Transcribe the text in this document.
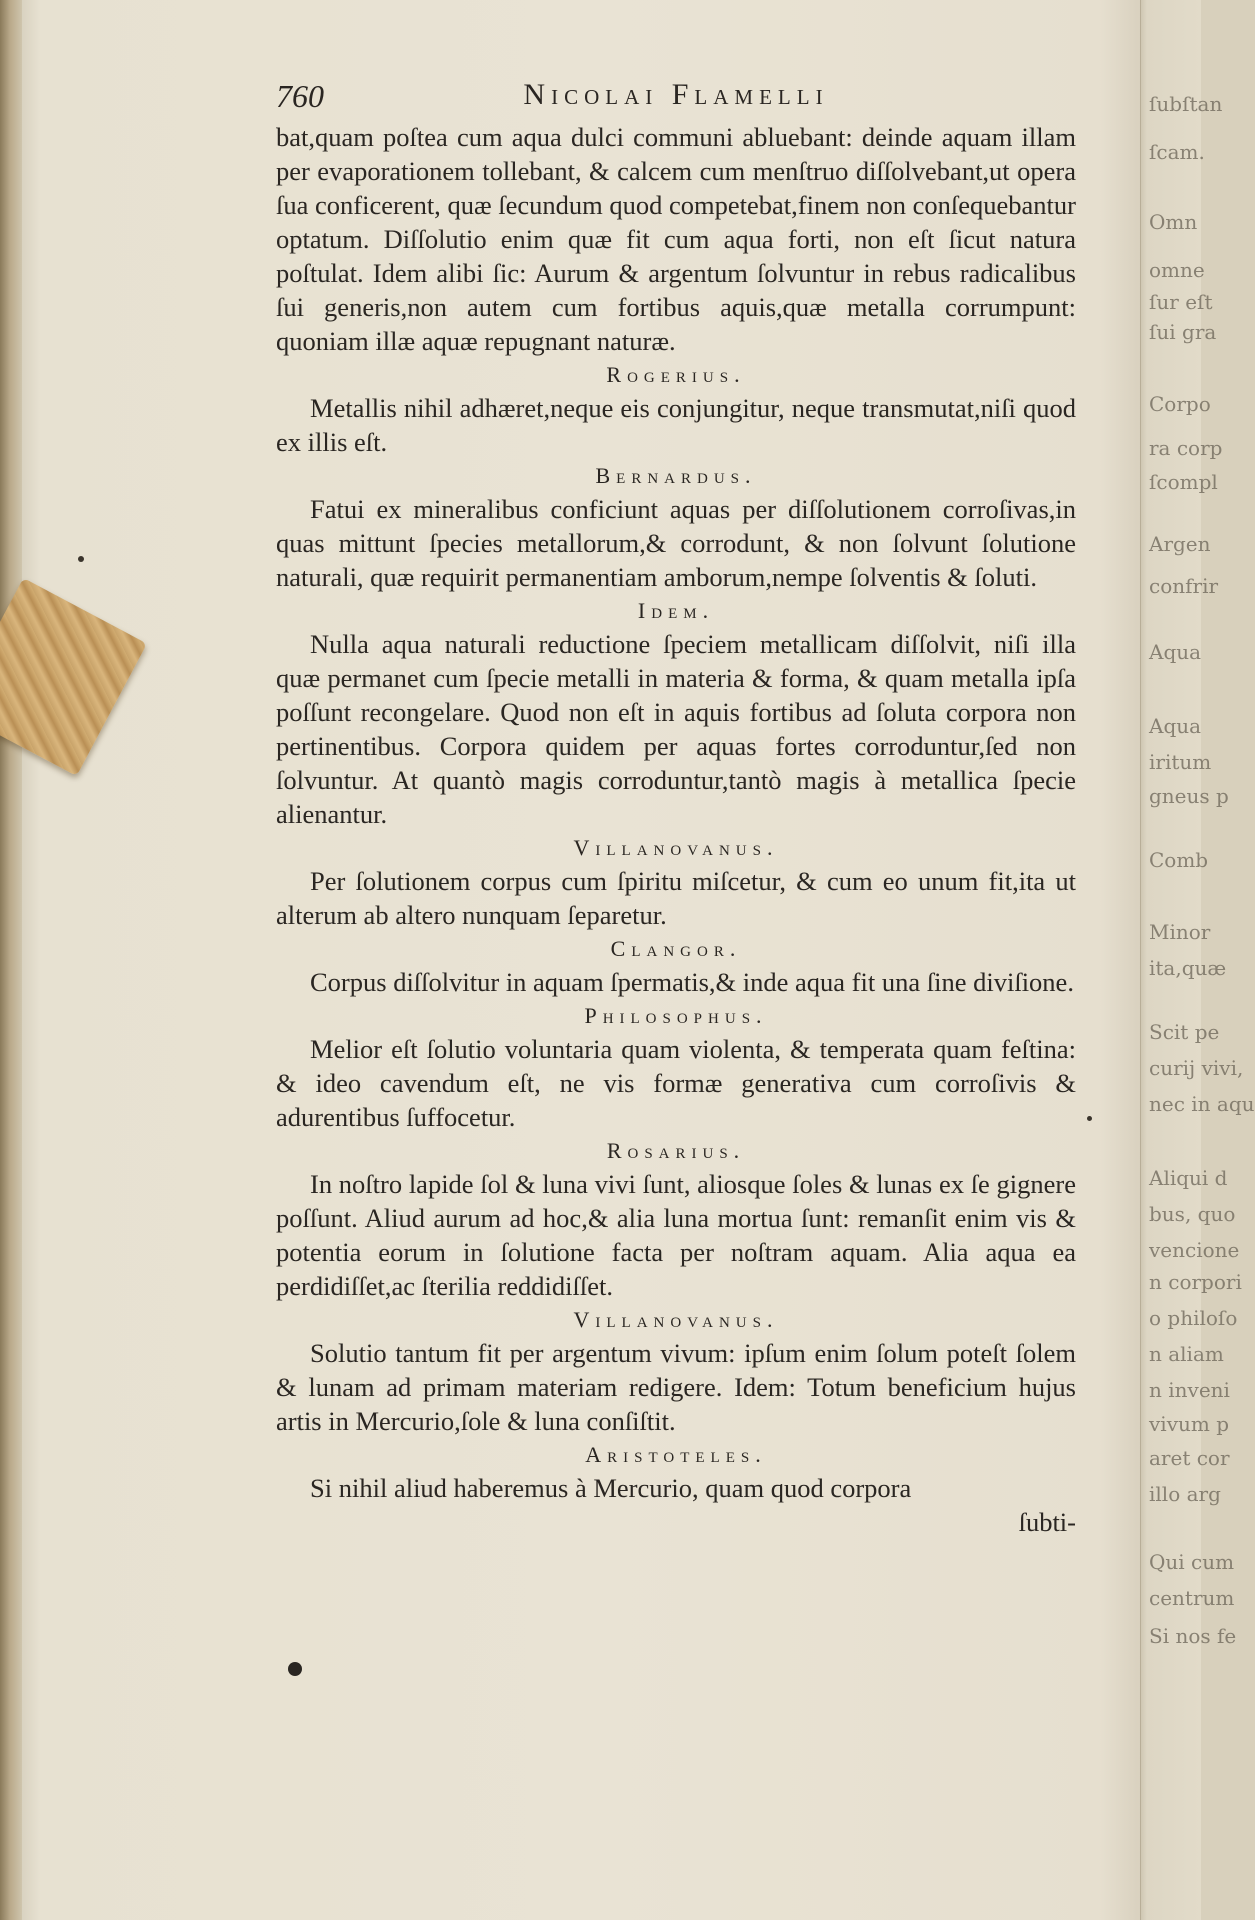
ſubſtan
ſcam.
Omn
omne
ſur eſt
ſui gra
Corpo
ra corp
ſcompl
Argen
confrir
Aqua
Aqua
iritum
gneus p
Comb
Minor
ita,quæ
Scit pe
curij vivi,
nec in aqu
Aliqui d
bus, quo
vencione
n corpori
o philoſo
n aliam
n inveni
vivum p
aret cor
illo arg
Qui cum
centrum
Si nos fe
760	Nicolai Flamelli

bat,quam poſtea cum aqua dulci communi abluebant: deinde aquam illam per evaporationem tollebant, & calcem cum menſtruo diſſolvebant,ut opera ſua conficerent, quæ ſecundum quod competebat,finem non conſequebantur optatum. Diſſolutio enim quæ fit cum aqua forti, non eſt ſicut natura poſtulat. Idem alibi ſic: Aurum & argentum ſolvuntur in rebus radicalibus ſui generis,non autem cum fortibus aquis,quæ metalla corrumpunt: quoniam illæ aquæ repugnant naturæ.

Rogerius.

Metallis nihil adhæret,neque eis conjungitur, neque transmutat,niſi quod ex illis eſt.

Bernardus.

Fatui ex mineralibus conficiunt aquas per diſſolutionem corroſivas,in quas mittunt ſpecies metallorum,& corrodunt, & non ſolvunt ſolutione naturali, quæ requirit permanentiam amborum,nempe ſolventis & ſoluti.

Idem.

Nulla aqua naturali reductione ſpeciem metallicam diſſolvit, niſi illa quæ permanet cum ſpecie metalli in materia & forma, & quam metalla ipſa poſſunt recongelare. Quod non eſt in aquis fortibus ad ſoluta corpora non pertinentibus. Corpora quidem per aquas fortes corroduntur,ſed non ſolvuntur. At quantò magis corroduntur,tantò magis à metallica ſpecie alienantur.

Villanovanus.

Per ſolutionem corpus cum ſpiritu miſcetur, & cum eo unum fit,ita ut alterum ab altero nunquam ſeparetur.

Clangor.

Corpus diſſolvitur in aquam ſpermatis,& inde aqua fit una ſine diviſione.

Philosophus.

Melior eſt ſolutio voluntaria quam violenta, & temperata quam feſtina: & ideo cavendum eſt, ne vis formæ generativa cum corroſivis & adurentibus ſuffocetur.

Rosarius.

In noſtro lapide ſol & luna vivi ſunt, aliosque ſoles & lunas ex ſe gignere poſſunt. Aliud aurum ad hoc,& alia luna mortua ſunt: remanſit enim vis & potentia eorum in ſolutione facta per noſtram aquam. Alia aqua ea perdidiſſet,ac ſterilia reddidiſſet.

Villanovanus.

Solutio tantum fit per argentum vivum: ipſum enim ſolum poteſt ſolem & lunam ad primam materiam redigere. Idem: Totum beneficium hujus artis in Mercurio,ſole & luna conſiſtit.

Aristoteles.

Si nihil aliud haberemus à Mercurio, quam quod corpora

ſubti-
